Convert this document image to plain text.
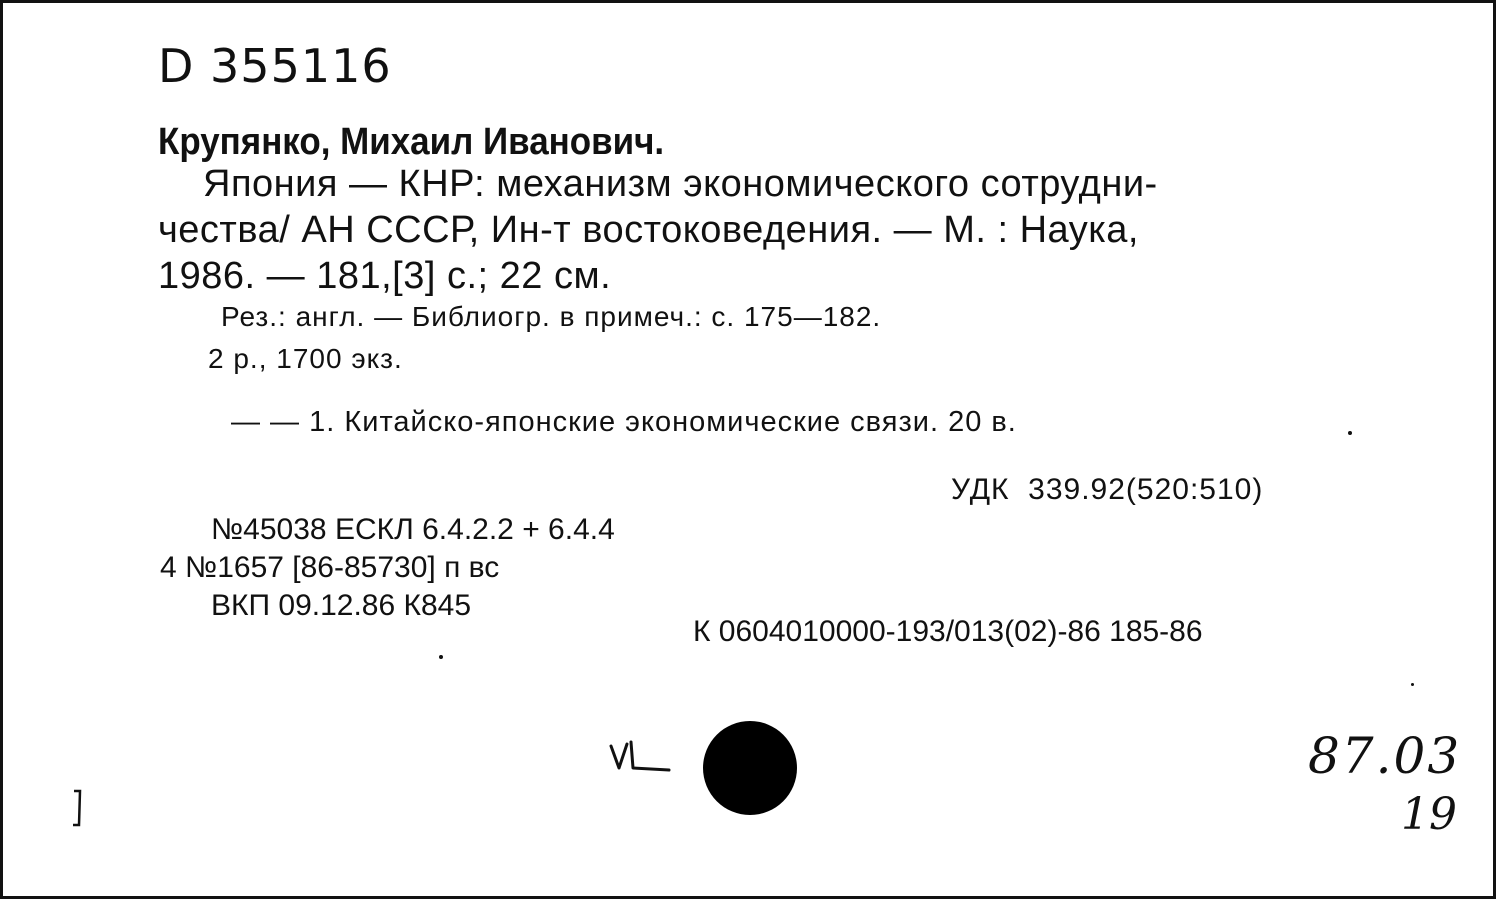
D 355116
Крупянко, Михаил Иванович.
Япония — КНР: механизм экономического сотрудни-
чества/ АН СССР, Ин-т востоковедения. — М. : Наука,
1986. — 181,[3] с.; 22 см.
Рез.: англ. — Библиогр. в примеч.: с. 175—182.
2 р., 1700 экз.
— — 1. Китайско-японские экономические связи. 20 в.
УДК  339.92(520:510)
№45038 ЕСКЛ 6.4.2.2 + 6.4.4
4 №1657 [86-85730] п вс
ВКП 09.12.86 К845
К 0604010000-193/013(02)-86 185-86
87.03
19
